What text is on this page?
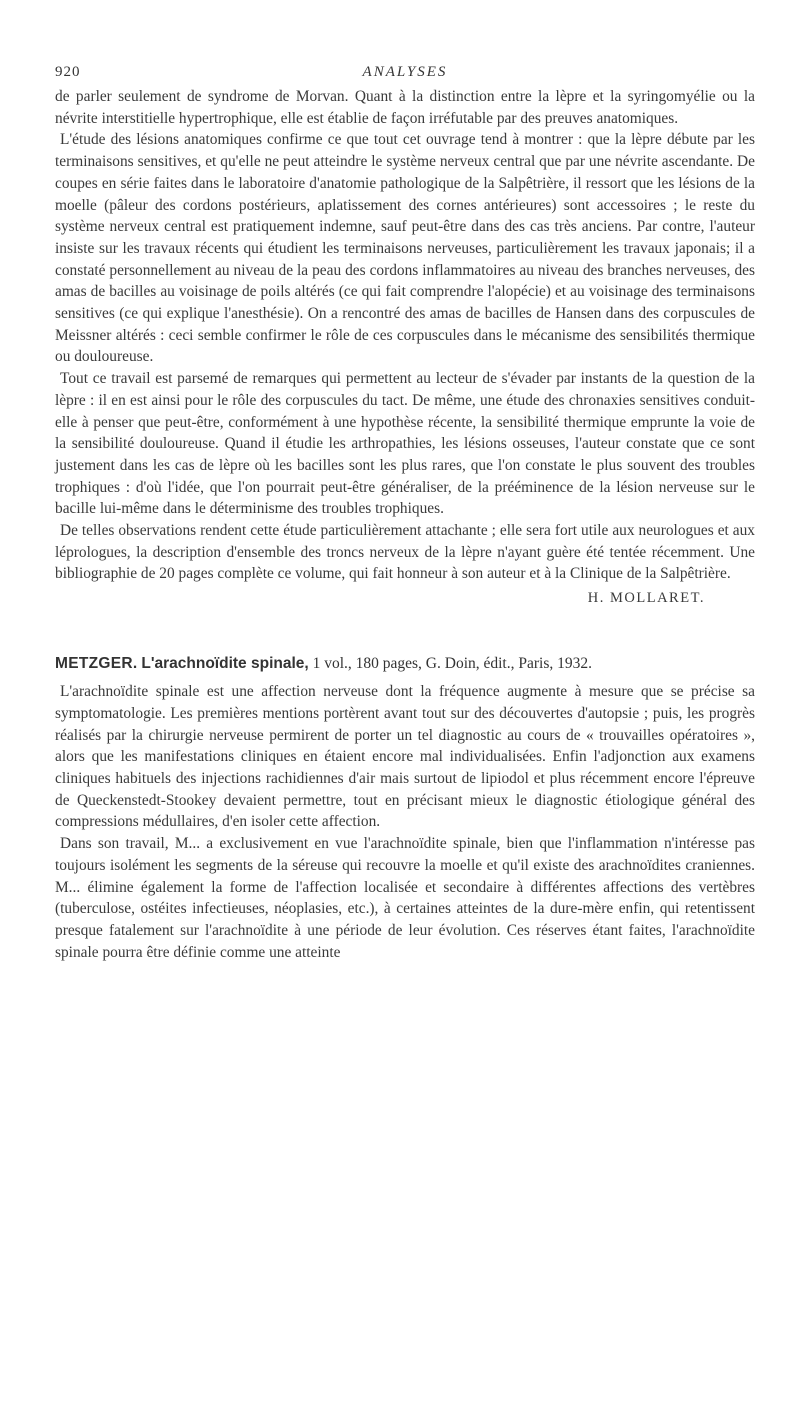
920	ANALYSES

de parler seulement de syndrome de Morvan. Quant à la distinction entre la lèpre et la syringomyélie ou la névrite interstitielle hypertrophique, elle est établie de façon irréfutable par des preuves anatomiques.

L'étude des lésions anatomiques confirme ce que tout cet ouvrage tend à montrer : que la lèpre débute par les terminaisons sensitives, et qu'elle ne peut atteindre le système nerveux central que par une névrite ascendante. De coupes en série faites dans le laboratoire d'anatomie pathologique de la Salpêtrière, il ressort que les lésions de la moelle (pâleur des cordons postérieurs, aplatissement des cornes antérieures) sont accessoires ; le reste du système nerveux central est pratiquement indemne, sauf peut-être dans des cas très anciens. Par contre, l'auteur insiste sur les travaux récents qui étudient les terminaisons nerveuses, particulièrement les travaux japonais; il a constaté personnellement au niveau de la peau des cordons inflammatoires au niveau des branches nerveuses, des amas de bacilles au voisinage de poils altérés (ce qui fait comprendre l'alopécie) et au voisinage des terminaisons sensitives (ce qui explique l'anesthésie). On a rencontré des amas de bacilles de Hansen dans des corpuscules de Meissner altérés : ceci semble confirmer le rôle de ces corpuscules dans le mécanisme des sensibilités thermique ou douloureuse.

Tout ce travail est parsemé de remarques qui permettent au lecteur de s'évader par instants de la question de la lèpre : il en est ainsi pour le rôle des corpuscules du tact. De même, une étude des chronaxies sensitives conduit-elle à penser que peut-être, conformément à une hypothèse récente, la sensibilité thermique emprunte la voie de la sensibilité douloureuse. Quand il étudie les arthropathies, les lésions osseuses, l'auteur constate que ce sont justement dans les cas de lèpre où les bacilles sont les plus rares, que l'on constate le plus souvent des troubles trophiques : d'où l'idée, que l'on pourrait peut-être généraliser, de la prééminence de la lésion nerveuse sur le bacille lui-même dans le déterminisme des troubles trophiques.

De telles observations rendent cette étude particulièrement attachante ; elle sera fort utile aux neurologues et aux léprologues, la description d'ensemble des troncs nerveux de la lèpre n'ayant guère été tentée récemment. Une bibliographie de 20 pages complète ce volume, qui fait honneur à son auteur et à la Clinique de la Salpêtrière.

H. MOLLARET.

METZGER. L'arachnoïdite spinale, 1 vol., 180 pages, G. Doin, édit., Paris, 1932.

L'arachnoïdite spinale est une affection nerveuse dont la fréquence augmente à mesure que se précise sa symptomatologie. Les premières mentions portèrent avant tout sur des découvertes d'autopsie ; puis, les progrès réalisés par la chirurgie nerveuse permirent de porter un tel diagnostic au cours de « trouvailles opératoires », alors que les manifestations cliniques en étaient encore mal individualisées. Enfin l'adjonction aux examens cliniques habituels des injections rachidiennes d'air mais surtout de lipiodol et plus récemment encore l'épreuve de Queckenstedt-Stookey devaient permettre, tout en précisant mieux le diagnostic étiologique général des compressions médullaires, d'en isoler cette affection.

Dans son travail, M... a exclusivement en vue l'arachnoïdite spinale, bien que l'inflammation n'intéresse pas toujours isolément les segments de la séreuse qui recouvre la moelle et qu'il existe des arachnoïdites craniennes. M... élimine également la forme de l'affection localisée et secondaire à différentes affections des vertèbres (tuberculose, ostéites infectieuses, néoplasies, etc.), à certaines atteintes de la dure-mère enfin, qui retentissent presque fatalement sur l'arachnoïdite à une période de leur évolution. Ces réserves étant faites, l'arachnoïdite spinale pourra être définie comme une atteinte
